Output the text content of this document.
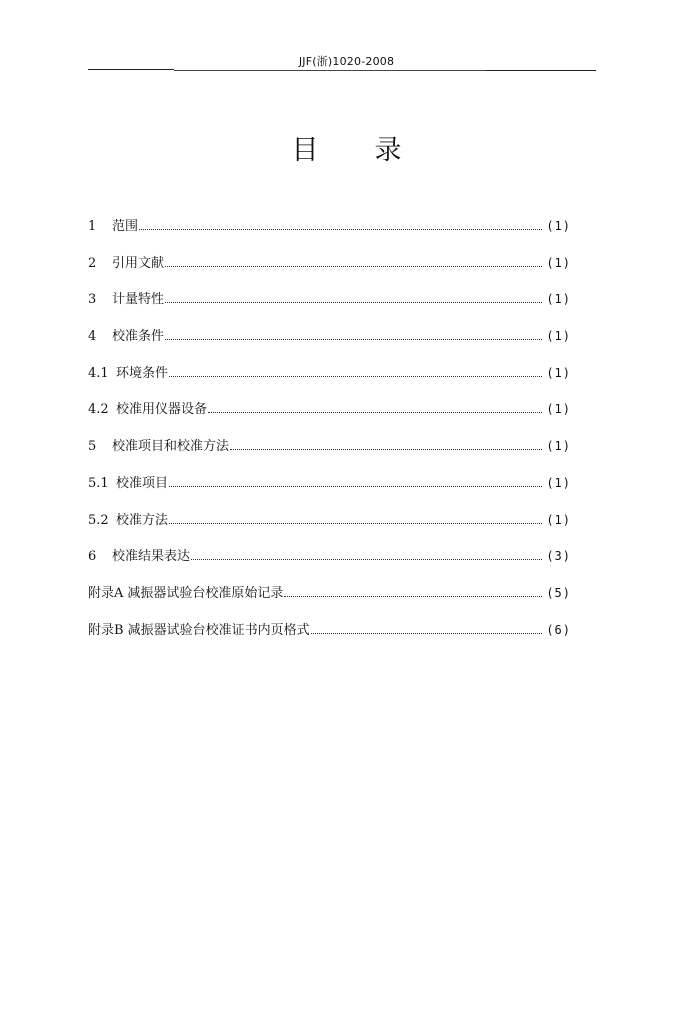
JJF(浙)1020-2008
目录
1	范围	(1)
2	引用文献	(1)
3	计量特性	(1)
4	校准条件	(1)
4.1 环境条件	(1)
4.2 校准用仪器设备	(1)
5	校准项目和校准方法	(1)
5.1 校准项目	(1)
5.2 校准方法	(1)
6	校准结果表达	(3)
附录A 减振器试验台校准原始记录	(5)
附录B 减振器试验台校准证书内页格式	(6)
